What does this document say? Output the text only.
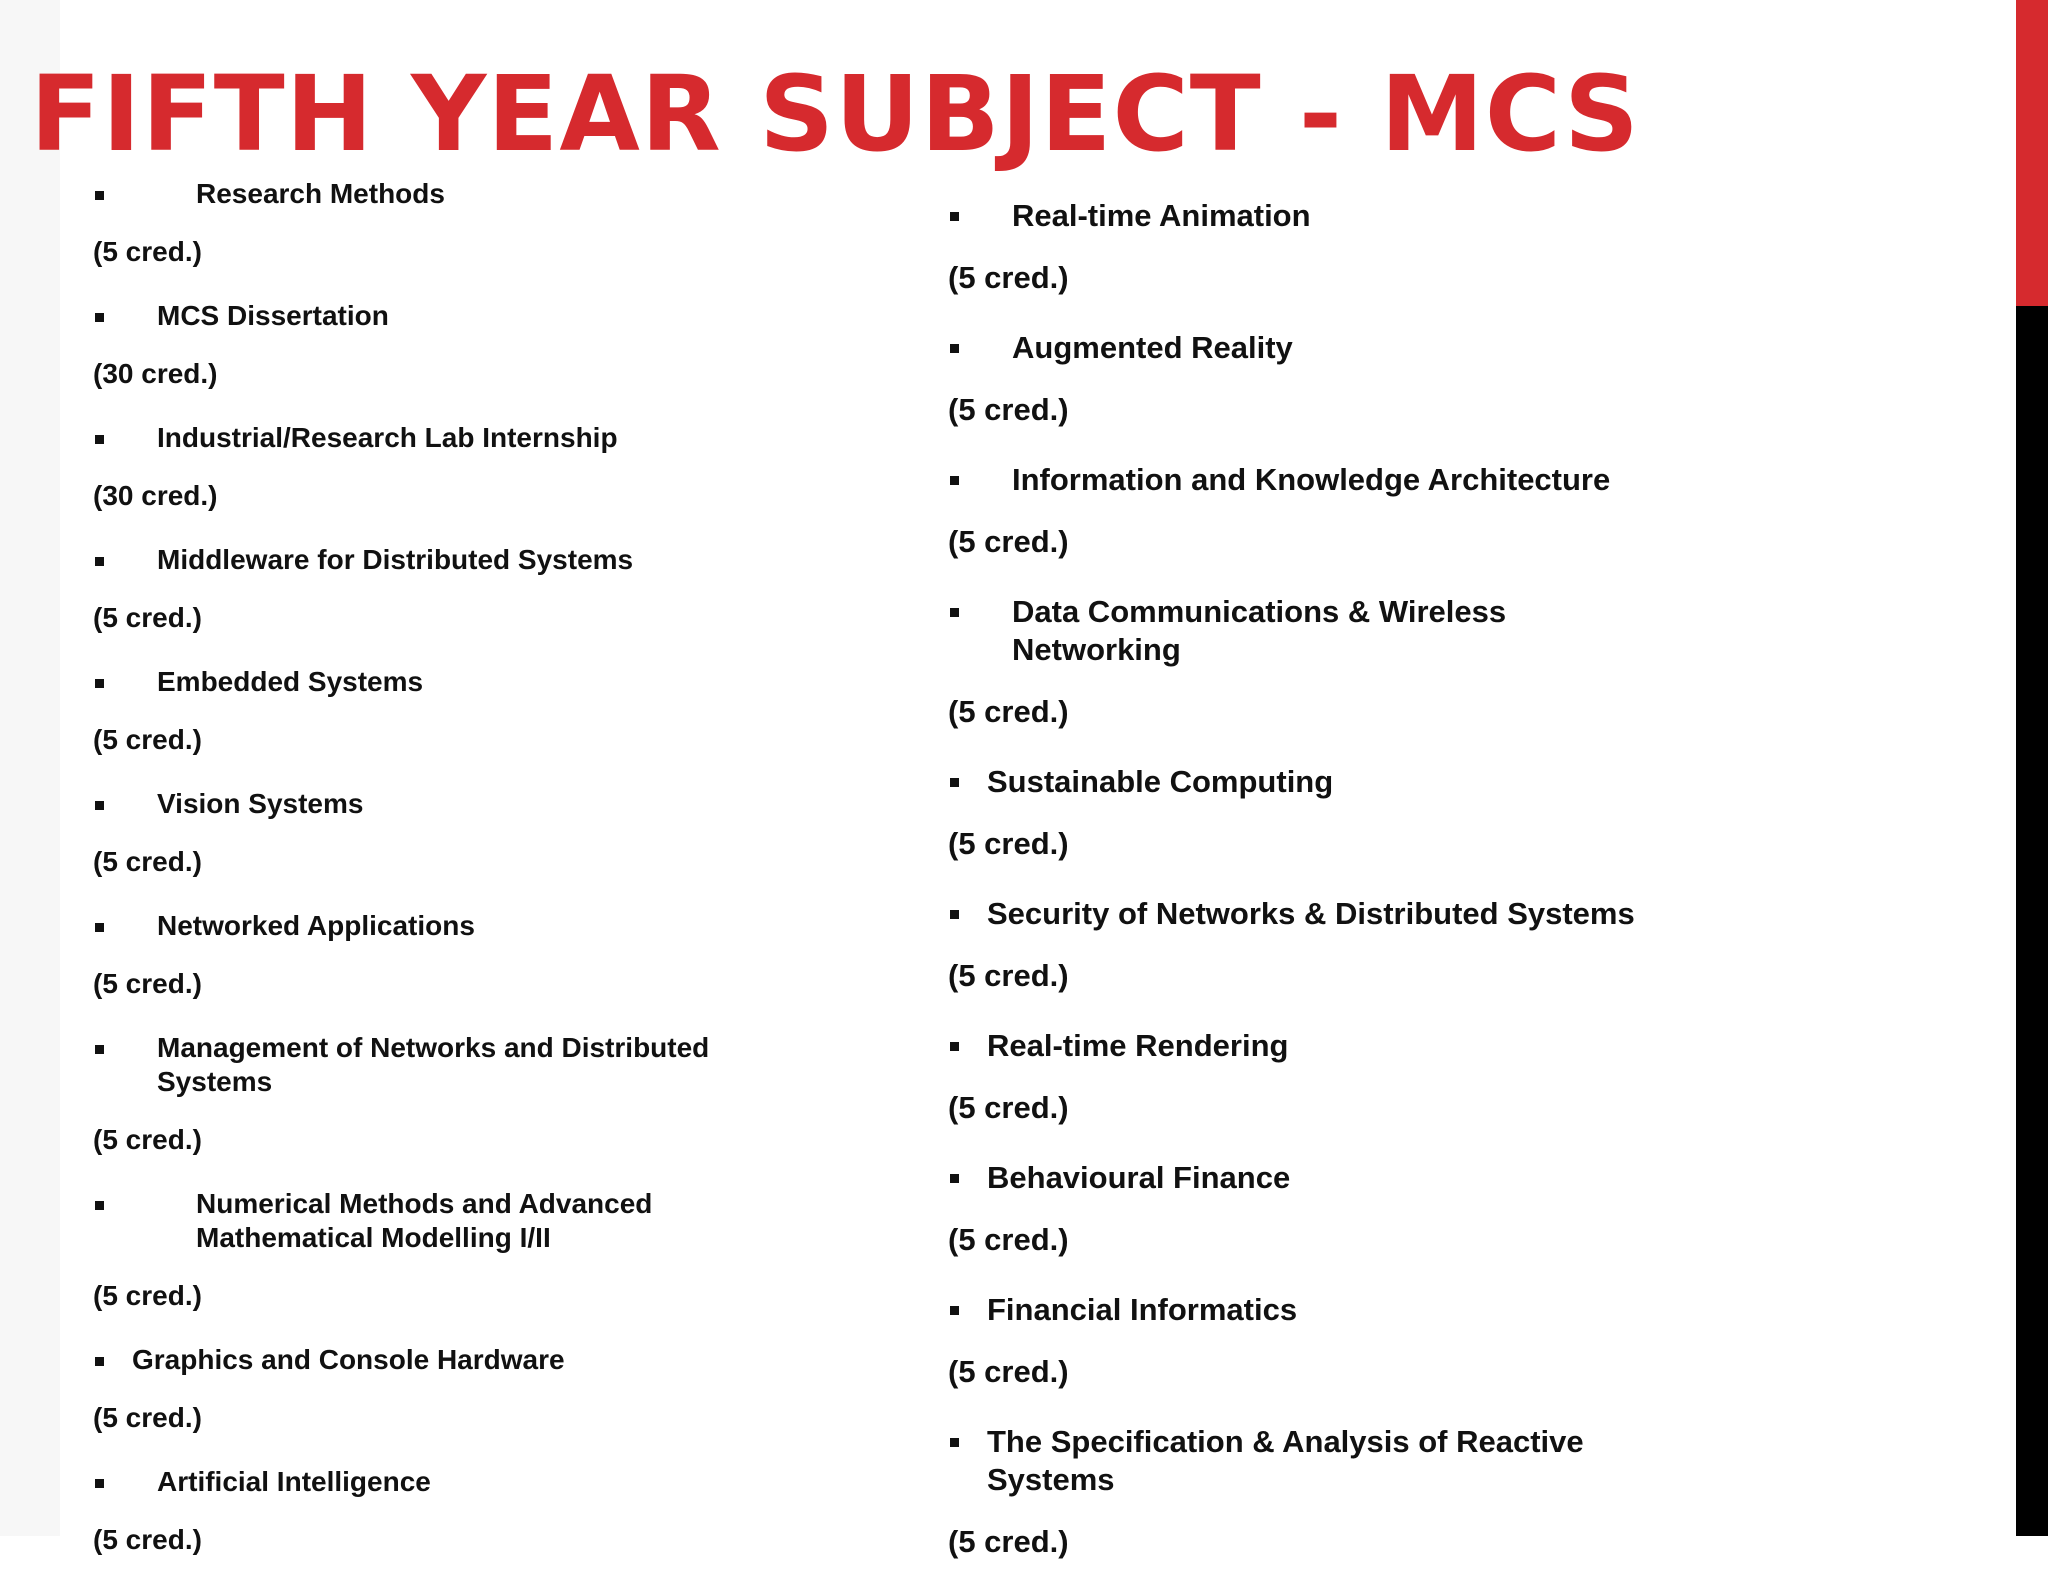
FIFTH YEAR SUBJECT - MCS
Research Methods
(5 cred.)
MCS Dissertation
(30 cred.)
Industrial/Research Lab Internship
(30 cred.)
Middleware for Distributed Systems
(5 cred.)
Embedded Systems
(5 cred.)
Vision Systems
(5 cred.)
Networked Applications
(5 cred.)
Management of Networks and Distributed Systems
(5 cred.)
Numerical Methods and Advanced Mathematical Modelling I/II
(5 cred.)
Graphics and Console Hardware
(5 cred.)
Artificial Intelligence
(5 cred.)
Real-time Animation
(5 cred.)
Augmented Reality
(5 cred.)
Information and Knowledge Architecture
(5 cred.)
Data Communications & Wireless Networking
(5 cred.)
Sustainable Computing
(5 cred.)
Security of Networks & Distributed Systems
(5 cred.)
Real-time Rendering
(5 cred.)
Behavioural Finance
(5 cred.)
Financial Informatics
(5 cred.)
The Specification & Analysis of Reactive Systems
(5 cred.)
